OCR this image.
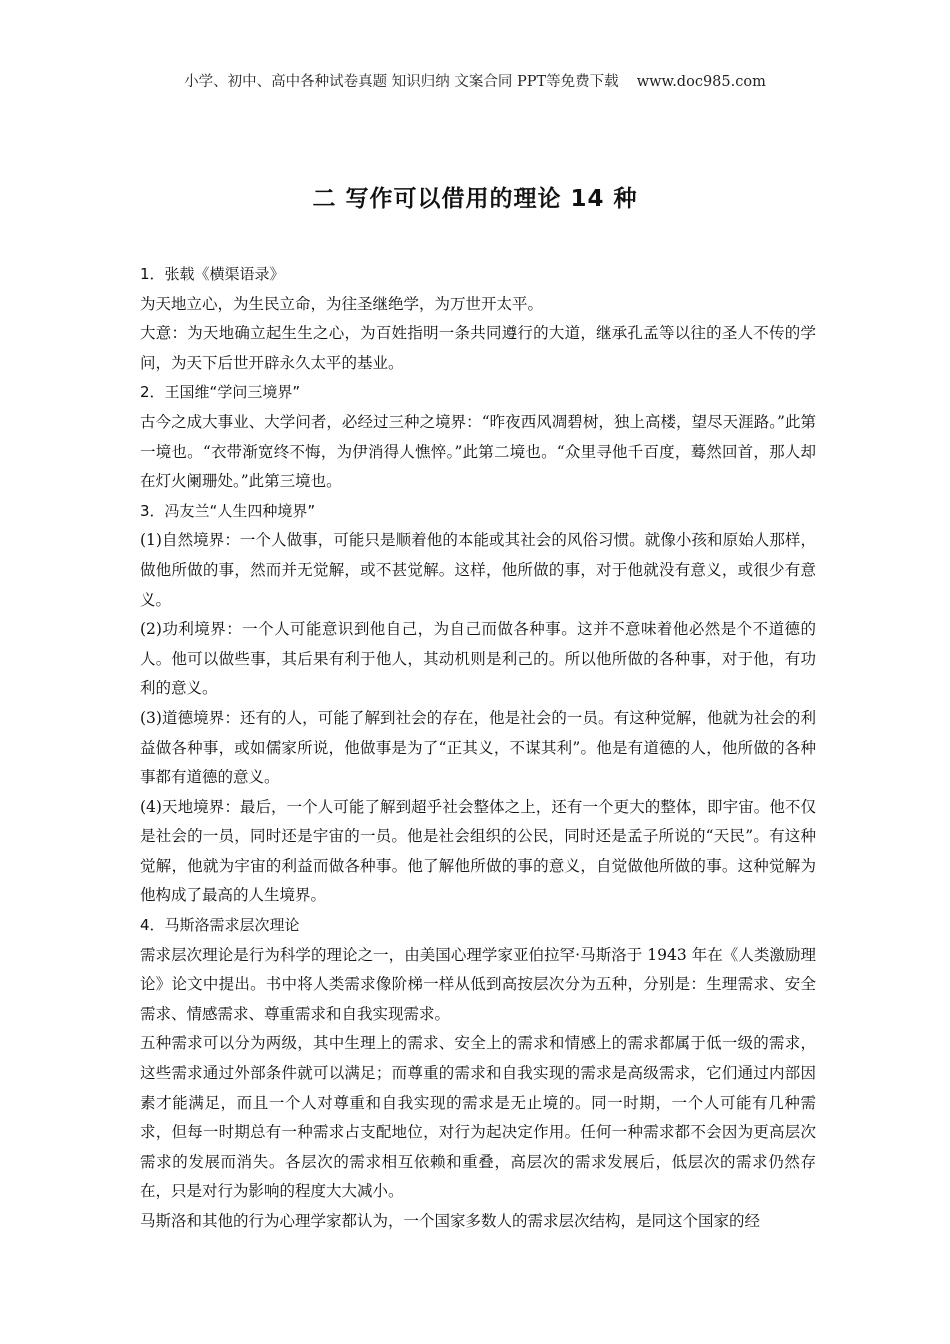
小学、初中、高中各种试卷真题 知识归纳 文案合同 PPT等免费下载 www.doc985.com
二 写作可以借用的理论 14 种

1．张载《横渠语录》

为天地立心，为生民立命，为往圣继绝学，为万世开太平。

大意：为天地确立起生生之心，为百姓指明一条共同遵行的大道，继承孔孟等以往的圣人不传的学问，为天下后世开辟永久太平的基业。

2．王国维“学问三境界”

古今之成大事业、大学问者，必经过三种之境界：“昨夜西风凋碧树，独上高楼，望尽天涯路。”此第一境也。“衣带渐宽终不悔，为伊消得人憔悴。”此第二境也。“众里寻他千百度，蓦然回首，那人却在灯火阑珊处。”此第三境也。

3．冯友兰“人生四种境界”

(1)自然境界：一个人做事，可能只是顺着他的本能或其社会的风俗习惯。就像小孩和原始人那样，做他所做的事，然而并无觉解，或不甚觉解。这样，他所做的事，对于他就没有意义，或很少有意义。

(2)功利境界：一个人可能意识到他自己，为自己而做各种事。这并不意味着他必然是个不道德的人。他可以做些事，其后果有利于他人，其动机则是利己的。所以他所做的各种事，对于他，有功利的意义。

(3)道德境界：还有的人，可能了解到社会的存在，他是社会的一员。有这种觉解，他就为社会的利益做各种事，或如儒家所说，他做事是为了“正其义，不谋其利”。他是有道德的人，他所做的各种事都有道德的意义。

(4)天地境界：最后，一个人可能了解到超乎社会整体之上，还有一个更大的整体，即宇宙。他不仅是社会的一员，同时还是宇宙的一员。他是社会组织的公民，同时还是孟子所说的“天民”。有这种觉解，他就为宇宙的利益而做各种事。他了解他所做的事的意义，自觉做他所做的事。这种觉解为他构成了最高的人生境界。

4．马斯洛需求层次理论

需求层次理论是行为科学的理论之一，由美国心理学家亚伯拉罕·马斯洛于 1943 年在《人类激励理论》论文中提出。书中将人类需求像阶梯一样从低到高按层次分为五种，分别是：生理需求、安全需求、情感需求、尊重需求和自我实现需求。

五种需求可以分为两级，其中生理上的需求、安全上的需求和情感上的需求都属于低一级的需求，这些需求通过外部条件就可以满足；而尊重的需求和自我实现的需求是高级需求，它们通过内部因素才能满足，而且一个人对尊重和自我实现的需求是无止境的。同一时期，一个人可能有几种需求，但每一时期总有一种需求占支配地位，对行为起决定作用。任何一种需求都不会因为更高层次需求的发展而消失。各层次的需求相互依赖和重叠，高层次的需求发展后，低层次的需求仍然存在，只是对行为影响的程度大大减小。

马斯洛和其他的行为心理学家都认为，一个国家多数人的需求层次结构，是同这个国家的经
